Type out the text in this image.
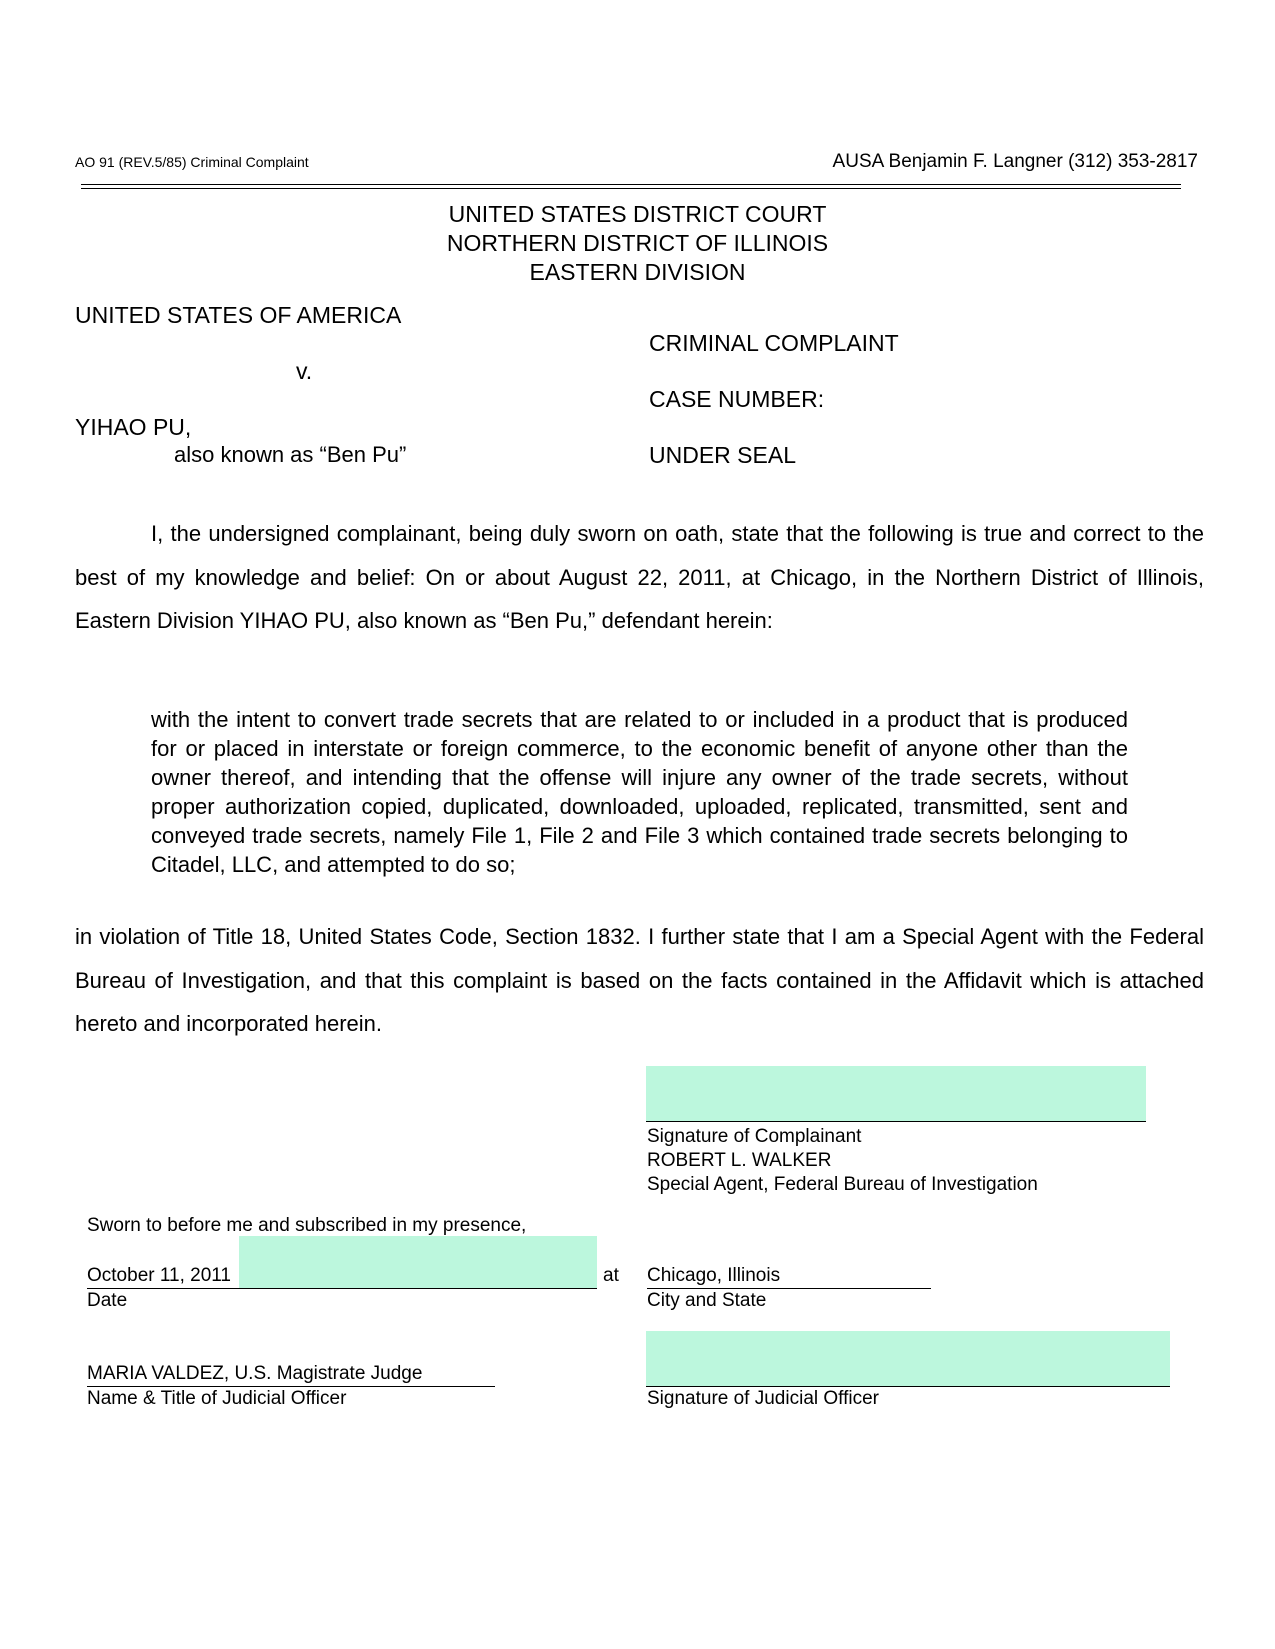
AO 91 (REV.5/85) Criminal Complaint	AUSA Benjamin F. Langner (312) 353-2817
UNITED STATES DISTRICT COURT
NORTHERN DISTRICT OF ILLINOIS
EASTERN DIVISION
UNITED STATES OF AMERICA
v.
YIHAO PU,
also known as “Ben Pu”
CRIMINAL COMPLAINT
CASE NUMBER:
UNDER SEAL
I, the undersigned complainant, being duly sworn on oath, state that the following is true and correct to the best of my knowledge and belief: On or about August 22, 2011, at Chicago, in the Northern District of Illinois, Eastern Division YIHAO PU, also known as “Ben Pu,” defendant herein:
with the intent to convert trade secrets that are related to or included in a product that is produced for or placed in interstate or foreign commerce, to the economic benefit of anyone other than the owner thereof, and intending that the offense will injure any owner of the trade secrets, without proper authorization copied, duplicated, downloaded, uploaded, replicated, transmitted, sent and conveyed trade secrets, namely File 1, File 2 and File 3 which contained trade secrets belonging to Citadel, LLC, and attempted to do so;
in violation of Title 18, United States Code, Section 1832. I further state that I am a Special Agent with the Federal Bureau of Investigation, and that this complaint is based on the facts contained in the Affidavit which is attached hereto and incorporated herein.
Signature of Complainant
ROBERT L. WALKER
Special Agent, Federal Bureau of Investigation
Sworn to before me and subscribed in my presence,
October 11, 2011	at
Date
Chicago, Illinois
City and State
MARIA VALDEZ, U.S. Magistrate Judge
Name & Title of Judicial Officer	Signature of Judicial Officer
